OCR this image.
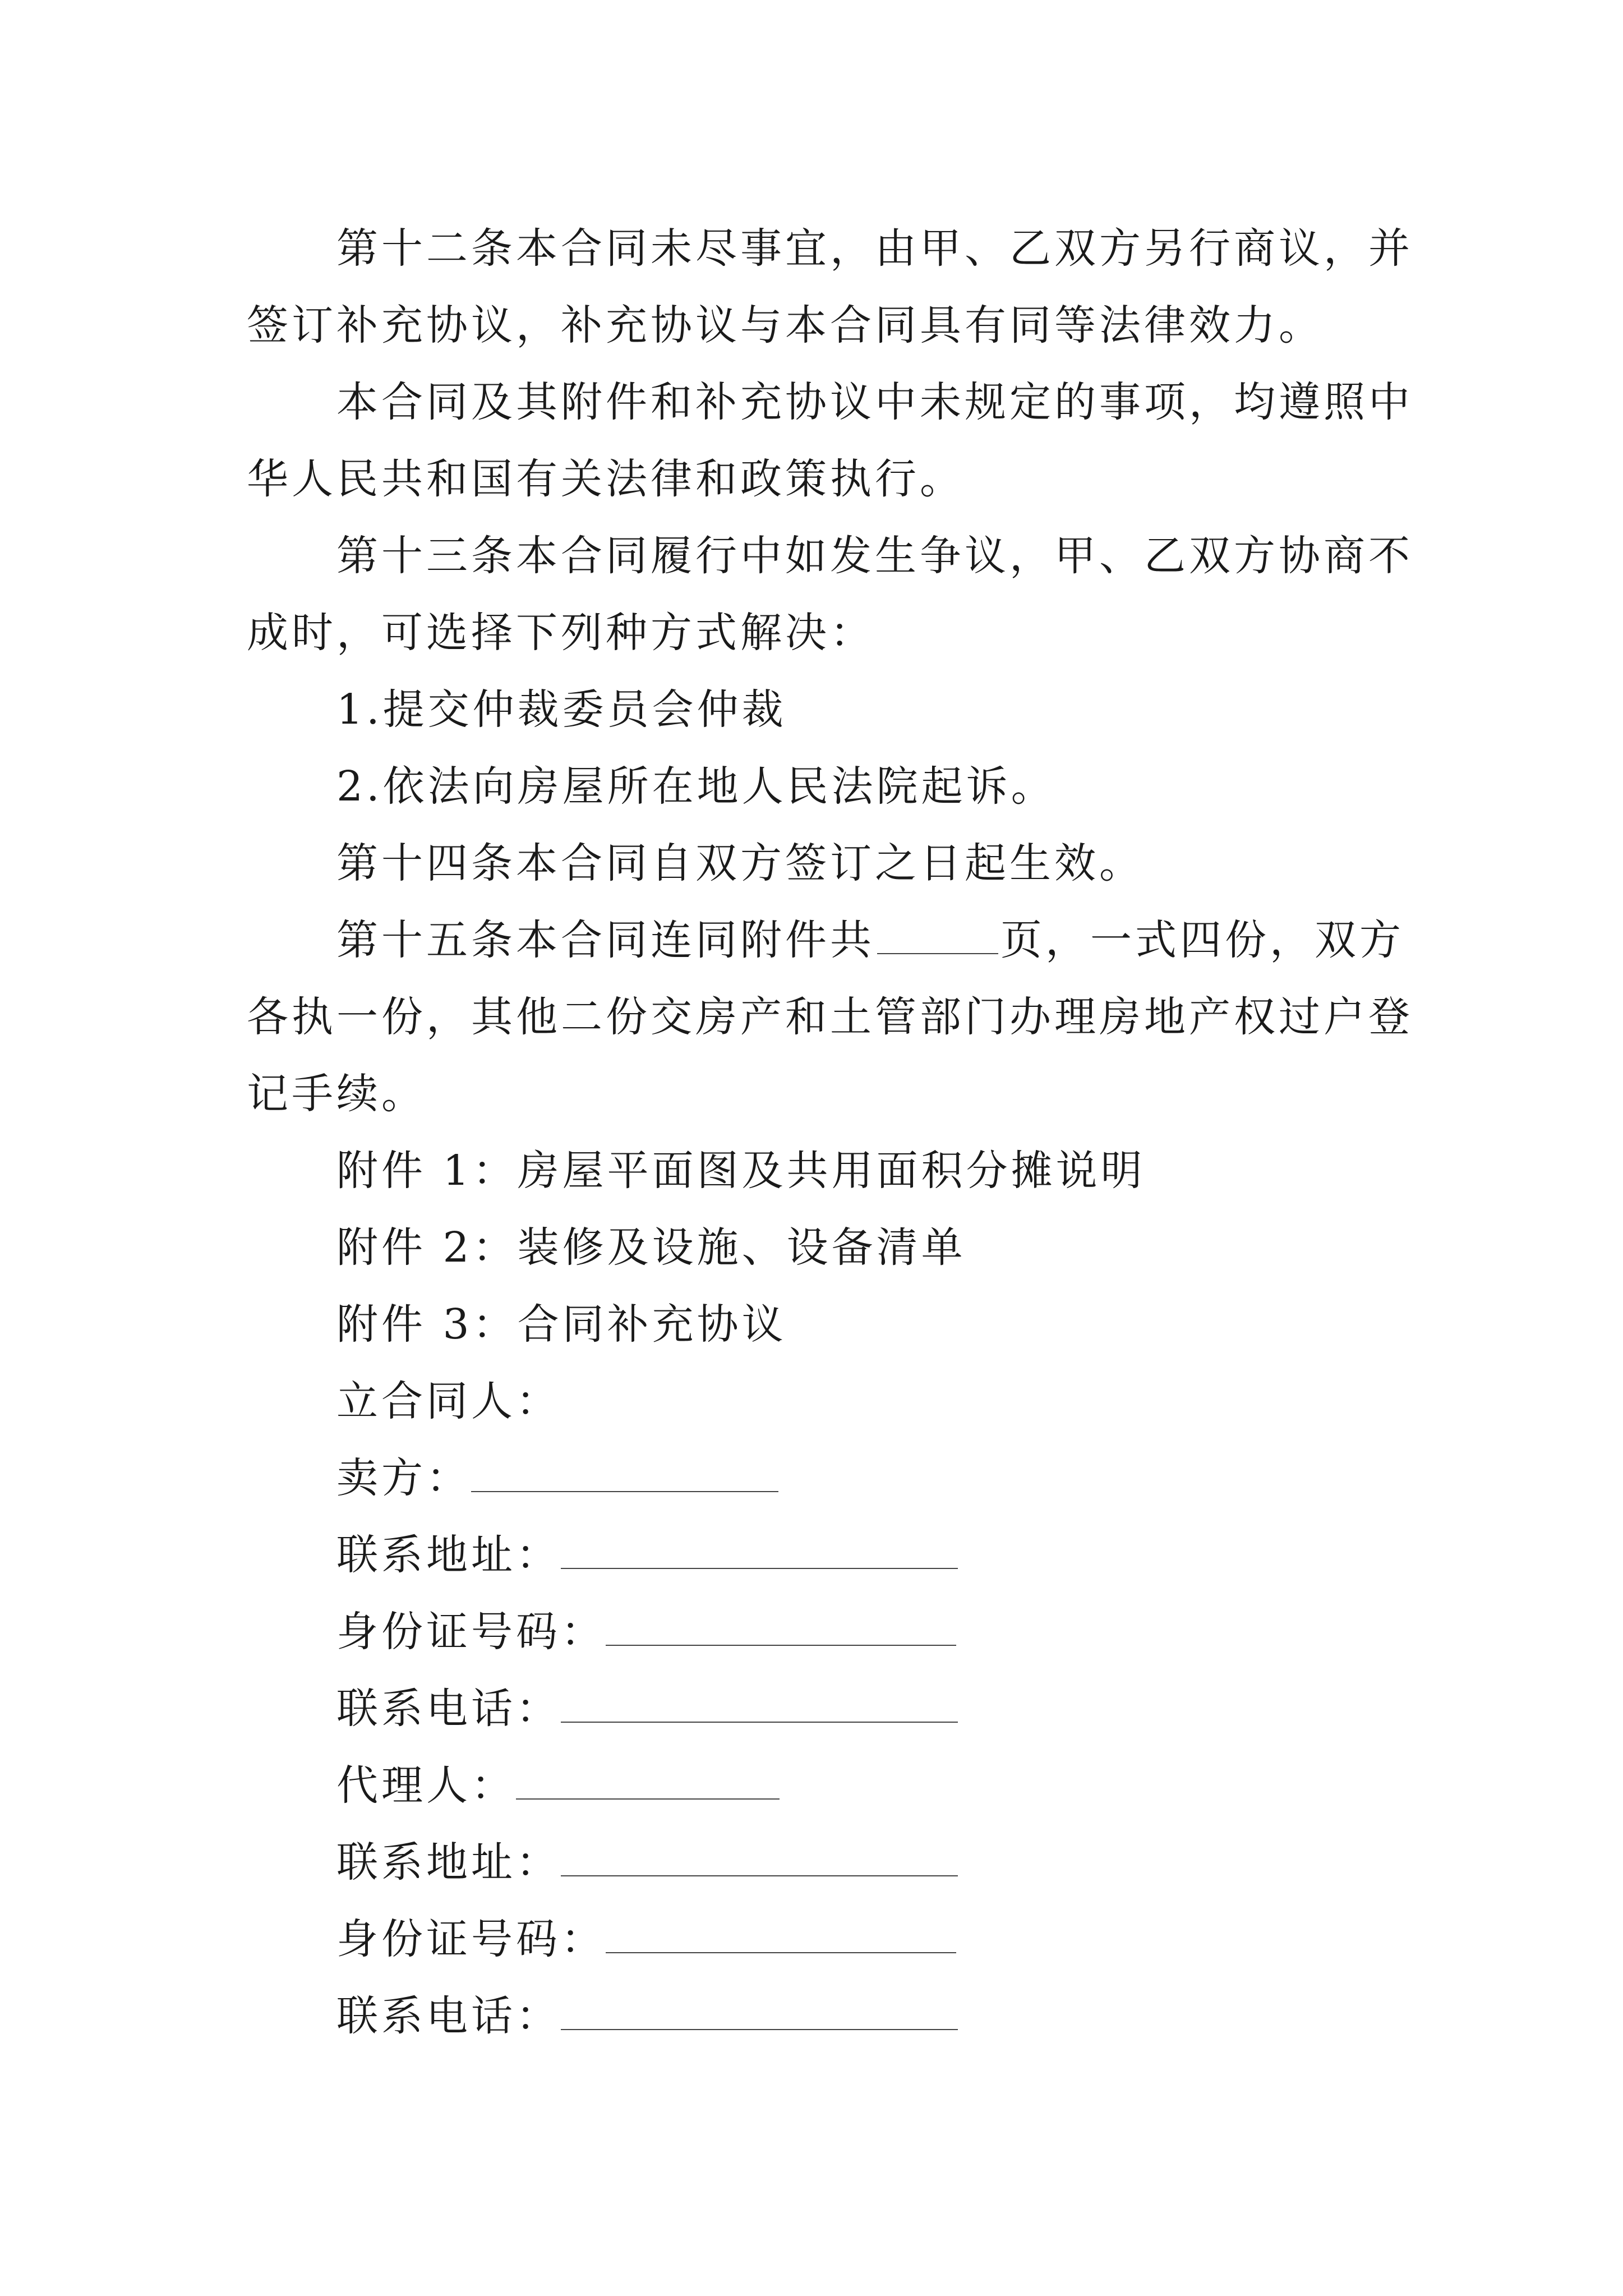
第十二条本合同未尽事宜，由甲、乙双方另行商议，并
签订补充协议，补充协议与本合同具有同等法律效力。
本合同及其附件和补充协议中未规定的事项，均遵照中
华人民共和国有关法律和政策执行。
第十三条本合同履行中如发生争议，甲、乙双方协商不
成时，可选择下列种方式解决：
1.提交仲裁委员会仲裁
2.依法向房屋所在地人民法院起诉。
第十四条本合同自双方签订之日起生效。
第十五条本合同连同附件共	页，一式四份，双方
各执一份，其他二份交房产和土管部门办理房地产权过户登
记手续。
附件 1：房屋平面图及共用面积分摊说明
附件 2：装修及设施、设备清单
附件 3：合同补充协议
立合同人：
卖方：
联系地址：
身份证号码：
联系电话：
代理人：
联系地址：
身份证号码：
联系电话：
